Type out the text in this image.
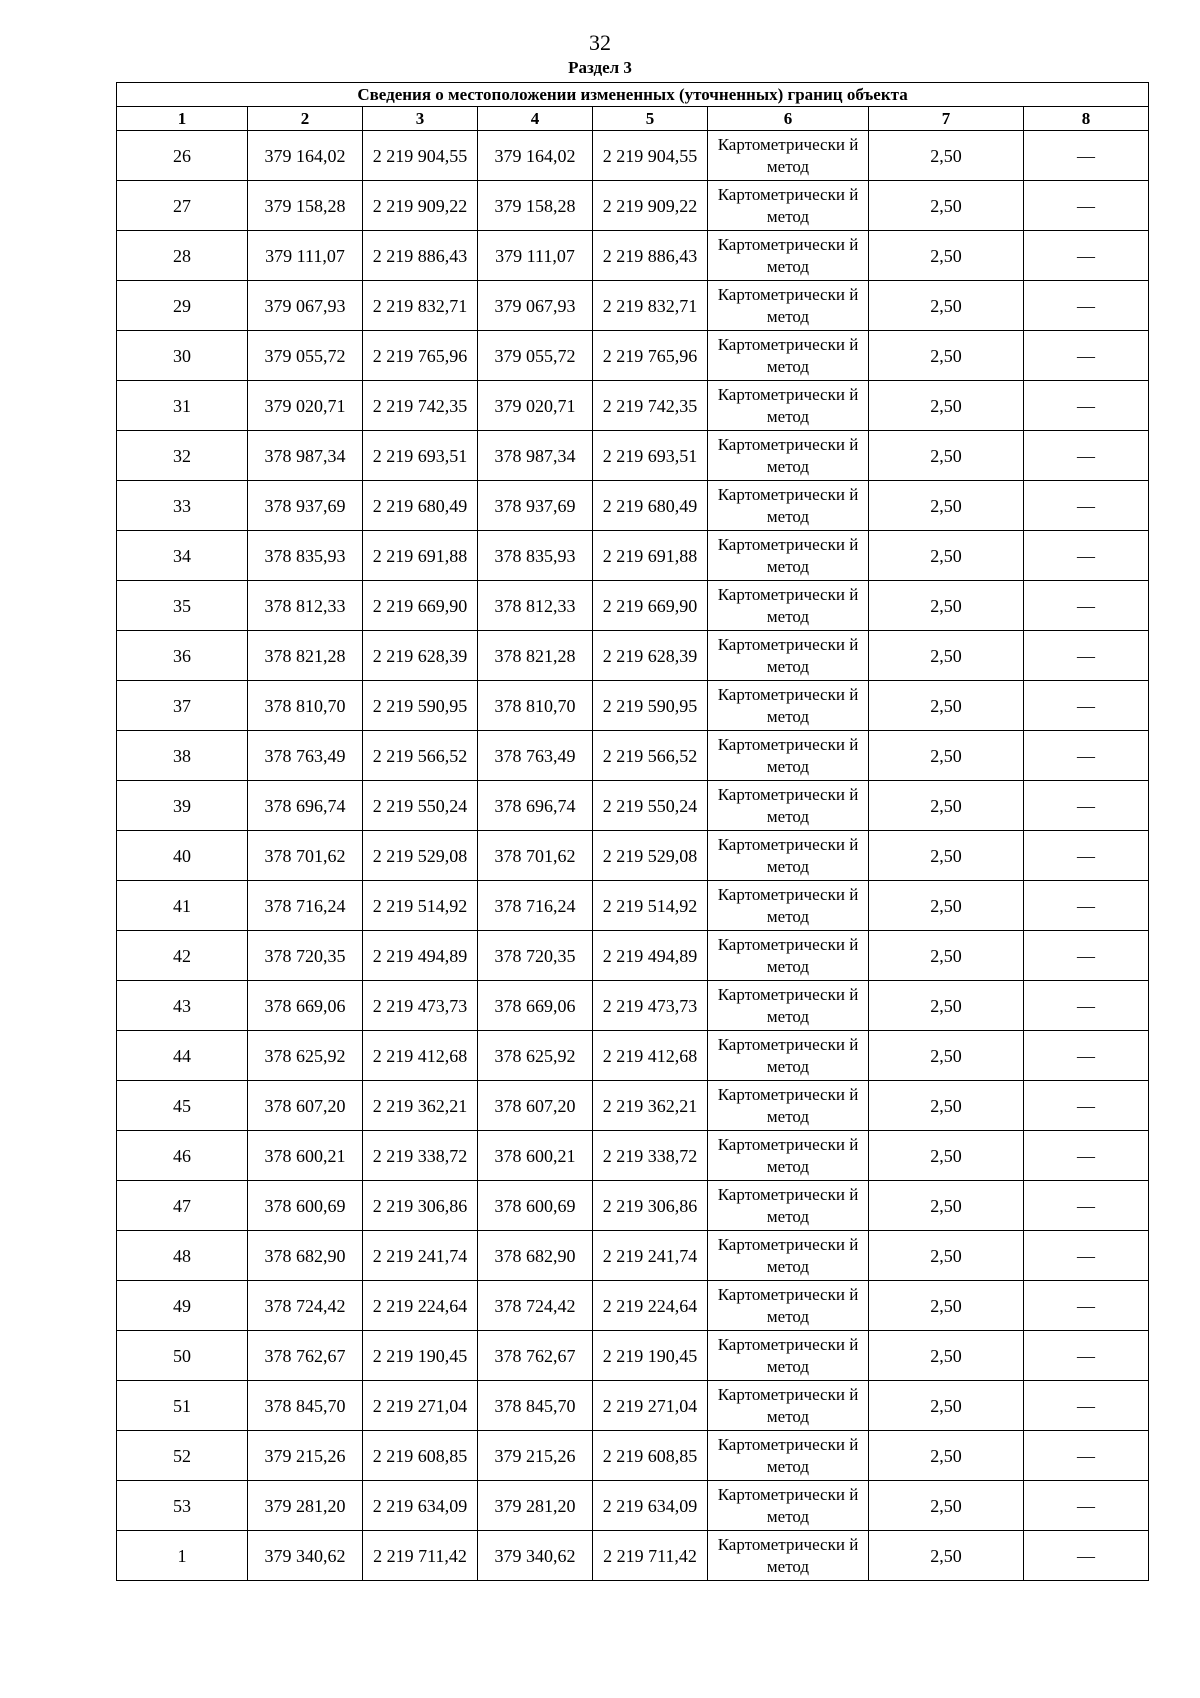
32
Раздел 3
Сведения о местоположении измененных (уточненных) границ объекта							
1	2	3	4	5	6	7	8
26	379 164,02	2 219 904,55	379 164,02	2 219 904,55	Картометрически й метод	2,50	—
27	379 158,28	2 219 909,22	379 158,28	2 219 909,22	Картометрически й метод	2,50	—
28	379 111,07	2 219 886,43	379 111,07	2 219 886,43	Картометрически й метод	2,50	—
29	379 067,93	2 219 832,71	379 067,93	2 219 832,71	Картометрически й метод	2,50	—
30	379 055,72	2 219 765,96	379 055,72	2 219 765,96	Картометрически й метод	2,50	—
31	379 020,71	2 219 742,35	379 020,71	2 219 742,35	Картометрически й метод	2,50	—
32	378 987,34	2 219 693,51	378 987,34	2 219 693,51	Картометрически й метод	2,50	—
33	378 937,69	2 219 680,49	378 937,69	2 219 680,49	Картометрически й метод	2,50	—
34	378 835,93	2 219 691,88	378 835,93	2 219 691,88	Картометрически й метод	2,50	—
35	378 812,33	2 219 669,90	378 812,33	2 219 669,90	Картометрически й метод	2,50	—
36	378 821,28	2 219 628,39	378 821,28	2 219 628,39	Картометрически й метод	2,50	—
37	378 810,70	2 219 590,95	378 810,70	2 219 590,95	Картометрически й метод	2,50	—
38	378 763,49	2 219 566,52	378 763,49	2 219 566,52	Картометрически й метод	2,50	—
39	378 696,74	2 219 550,24	378 696,74	2 219 550,24	Картометрически й метод	2,50	—
40	378 701,62	2 219 529,08	378 701,62	2 219 529,08	Картометрически й метод	2,50	—
41	378 716,24	2 219 514,92	378 716,24	2 219 514,92	Картометрически й метод	2,50	—
42	378 720,35	2 219 494,89	378 720,35	2 219 494,89	Картометрически й метод	2,50	—
43	378 669,06	2 219 473,73	378 669,06	2 219 473,73	Картометрически й метод	2,50	—
44	378 625,92	2 219 412,68	378 625,92	2 219 412,68	Картометрически й метод	2,50	—
45	378 607,20	2 219 362,21	378 607,20	2 219 362,21	Картометрически й метод	2,50	—
46	378 600,21	2 219 338,72	378 600,21	2 219 338,72	Картометрически й метод	2,50	—
47	378 600,69	2 219 306,86	378 600,69	2 219 306,86	Картометрически й метод	2,50	—
48	378 682,90	2 219 241,74	378 682,90	2 219 241,74	Картометрически й метод	2,50	—
49	378 724,42	2 219 224,64	378 724,42	2 219 224,64	Картометрически й метод	2,50	—
50	378 762,67	2 219 190,45	378 762,67	2 219 190,45	Картометрически й метод	2,50	—
51	378 845,70	2 219 271,04	378 845,70	2 219 271,04	Картометрически й метод	2,50	—
52	379 215,26	2 219 608,85	379 215,26	2 219 608,85	Картометрически й метод	2,50	—
53	379 281,20	2 219 634,09	379 281,20	2 219 634,09	Картометрически й метод	2,50	—
1	379 340,62	2 219 711,42	379 340,62	2 219 711,42	Картометрически й метод	2,50	—
